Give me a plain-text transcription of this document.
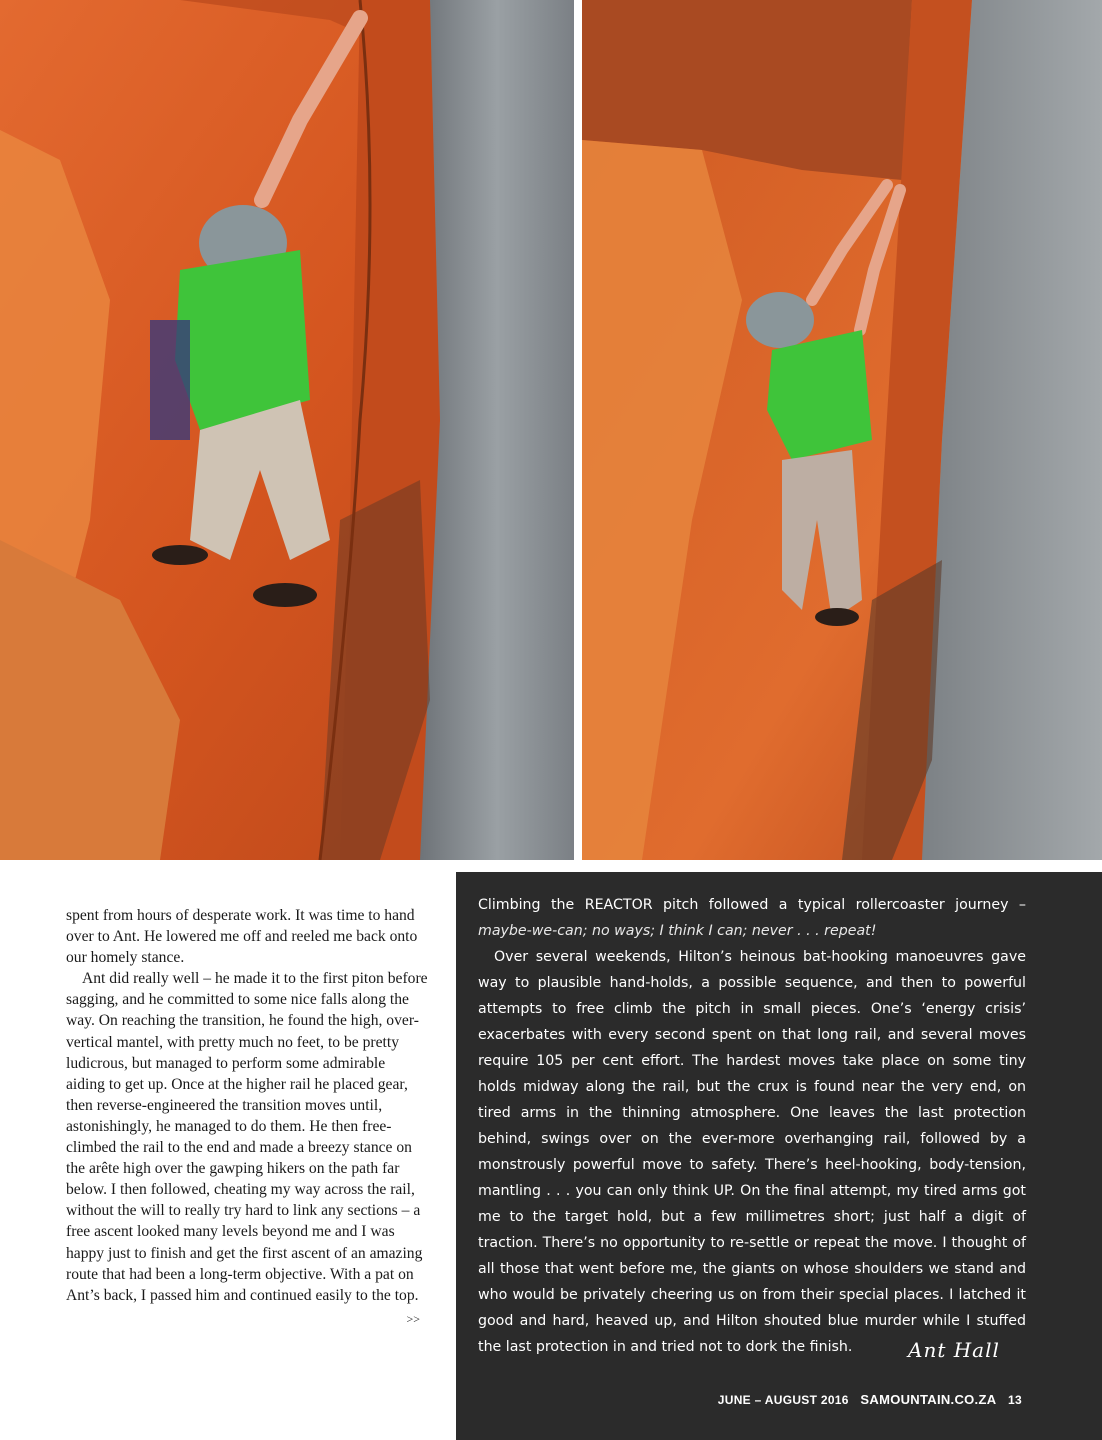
spent from hours of desperate work. It was time to hand over to Ant. He lowered me off and reeled me back onto our homely stance.

Ant did really well – he made it to the first piton before sagging, and he committed to some nice falls along the way. On reaching the transition, he found the high, over-vertical mantel, with pretty much no feet, to be pretty ludicrous, but managed to perform some admirable aiding to get up. Once at the higher rail he placed gear, then reverse-engineered the transition moves until, astonishingly, he managed to do them. He then free-climbed the rail to the end and made a breezy stance on the arête high over the gawping hikers on the path far below. I then followed, cheating my way across the rail, without the will to really try hard to link any sections – a free ascent looked many levels beyond me and I was happy just to finish and get the first ascent of an amazing route that had been a long-term objective. With a pat on Ant’s back, I passed him and continued easily to the top.
>>

Climbing the REACTOR pitch followed a typical rollercoaster journey – maybe-we-can; no ways; I think I can; never . . . repeat!

Over several weekends, Hilton’s heinous bat-hooking manoeuvres gave way to plausible hand-holds, a possible sequence, and then to powerful attempts to free climb the pitch in small pieces. One’s ‘energy crisis’ exacerbates with every second spent on that long rail, and several moves require 105 per cent effort. The hardest moves take place on some tiny holds midway along the rail, but the crux is found near the very end, on tired arms in the thinning atmosphere. One leaves the last protection behind, swings over on the ever-more overhanging rail, followed by a monstrously powerful move to safety. There’s heel-hooking, body-tension, mantling . . . you can only think UP. On the final attempt, my tired arms got me to the target hold, but a few millimetres short; just half a digit of traction. There’s no opportunity to re-settle or repeat the move. I thought of all those that went before me, the giants on whose shoulders we stand and who would be privately cheering us on from their special places. I latched it good and hard, heaved up, and Hilton shouted blue murder while I stuffed the last protection in and tried not to dork the finish.	Ant Hall
JUNE – AUGUST 2016 SAMOUNTAIN.CO.ZA 13
